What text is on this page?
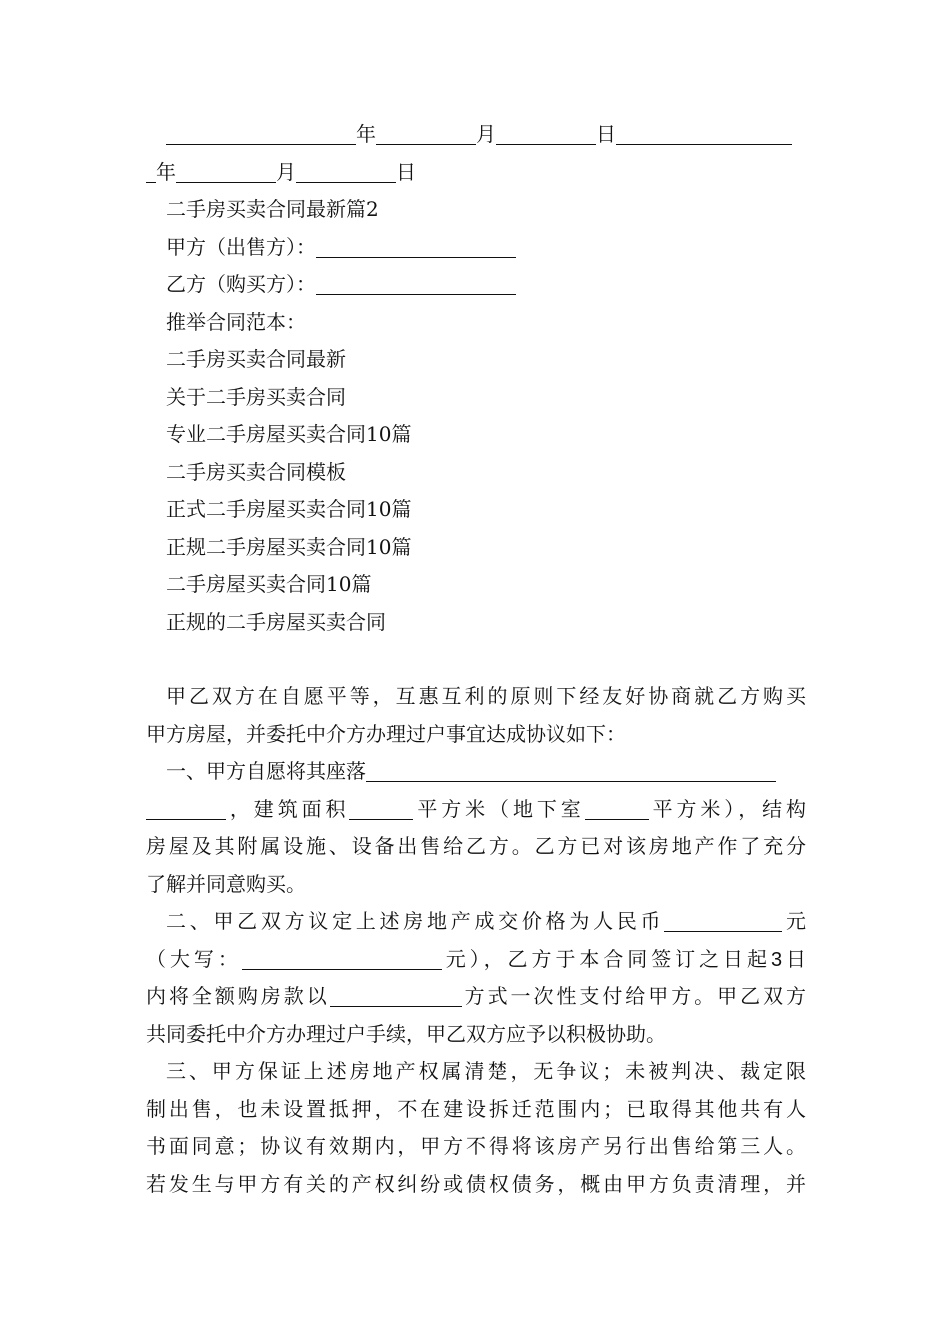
年	月	日
年	月	日
二手房买卖合同最新篇2
甲方（出售方）：
乙方（购买方）：
推举合同范本：
二手房买卖合同最新
关于二手房买卖合同
专业二手房屋买卖合同10篇
二手房买卖合同模板
正式二手房屋买卖合同10篇
正规二手房屋买卖合同10篇
二手房屋买卖合同10篇
正规的二手房屋买卖合同
甲乙双方在自愿平等，互惠互利的原则下经友好协商就乙方购买
甲方房屋，并委托中介方办理过户事宜达成协议如下：
一、甲方自愿将其座落
，建筑面积	平方米（地下室	平方米），结构
房屋及其附属设施、设备出售给乙方。乙方已对该房地产作了充分
了解并同意购买。
二、甲乙双方议定上述房地产成交价格为人民币	元
（大写：	元），乙方于本合同签订之日起3日
内将全额购房款以	方式一次性支付给甲方。甲乙双方
共同委托中介方办理过户手续，甲乙双方应予以积极协助。
三、甲方保证上述房地产权属清楚，无争议；未被判决、裁定限
制出售，也未设置抵押，不在建设拆迁范围内；已取得其他共有人
书面同意；协议有效期内，甲方不得将该房产另行出售给第三人。
若发生与甲方有关的产权纠纷或债权债务，概由甲方负责清理，并
